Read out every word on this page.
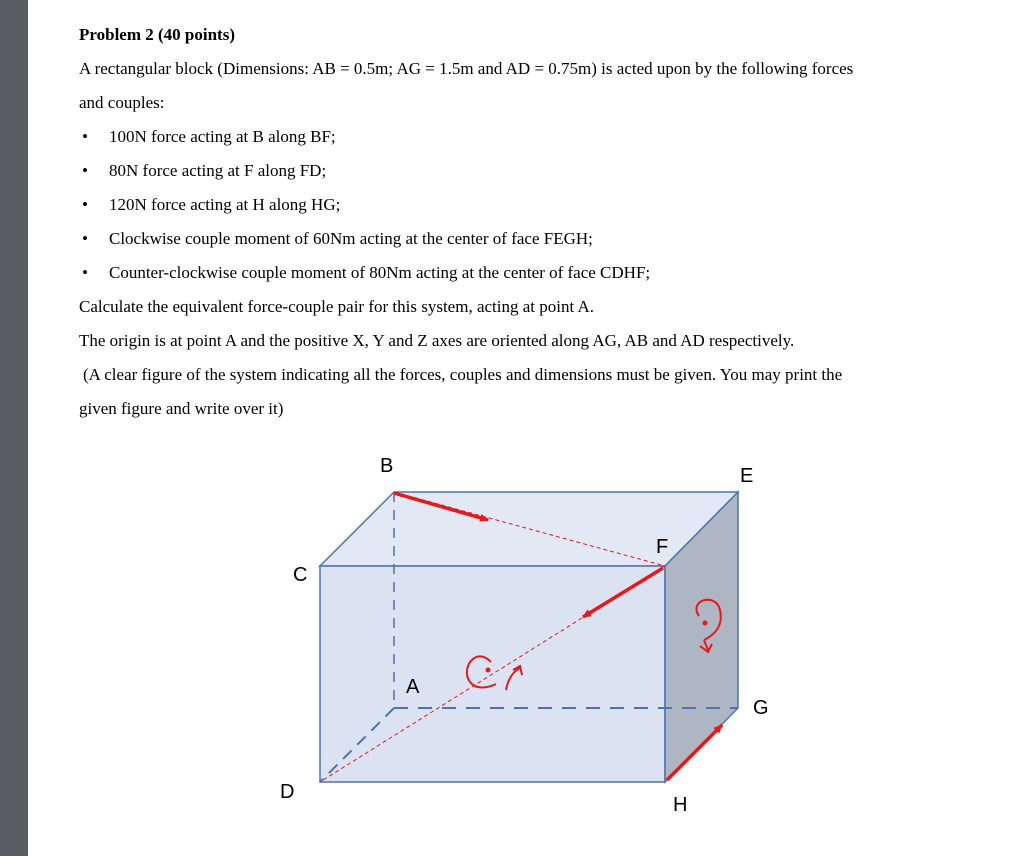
Problem 2 (40 points)

A rectangular block (Dimensions: AB = 0.5m; AG = 1.5m and AD = 0.75m) is acted upon by the following forces

and couples:

• 100N force acting at B along BF;
• 80N force acting at F along FD;
• 120N force acting at H along HG;
• Clockwise couple moment of 60Nm acting at the center of face FEGH;
• Counter-clockwise couple moment of 80Nm acting at the center of face CDHF;

Calculate the equivalent force-couple pair for this system, acting at point A.

The origin is at point A and the positive X, Y and Z axes are oriented along AG, AB and AD respectively.

(A clear figure of the system indicating all the forces, couples and dimensions must be given. You may print the

given figure and write over it)

B	E
F
C
A
G
D
H
